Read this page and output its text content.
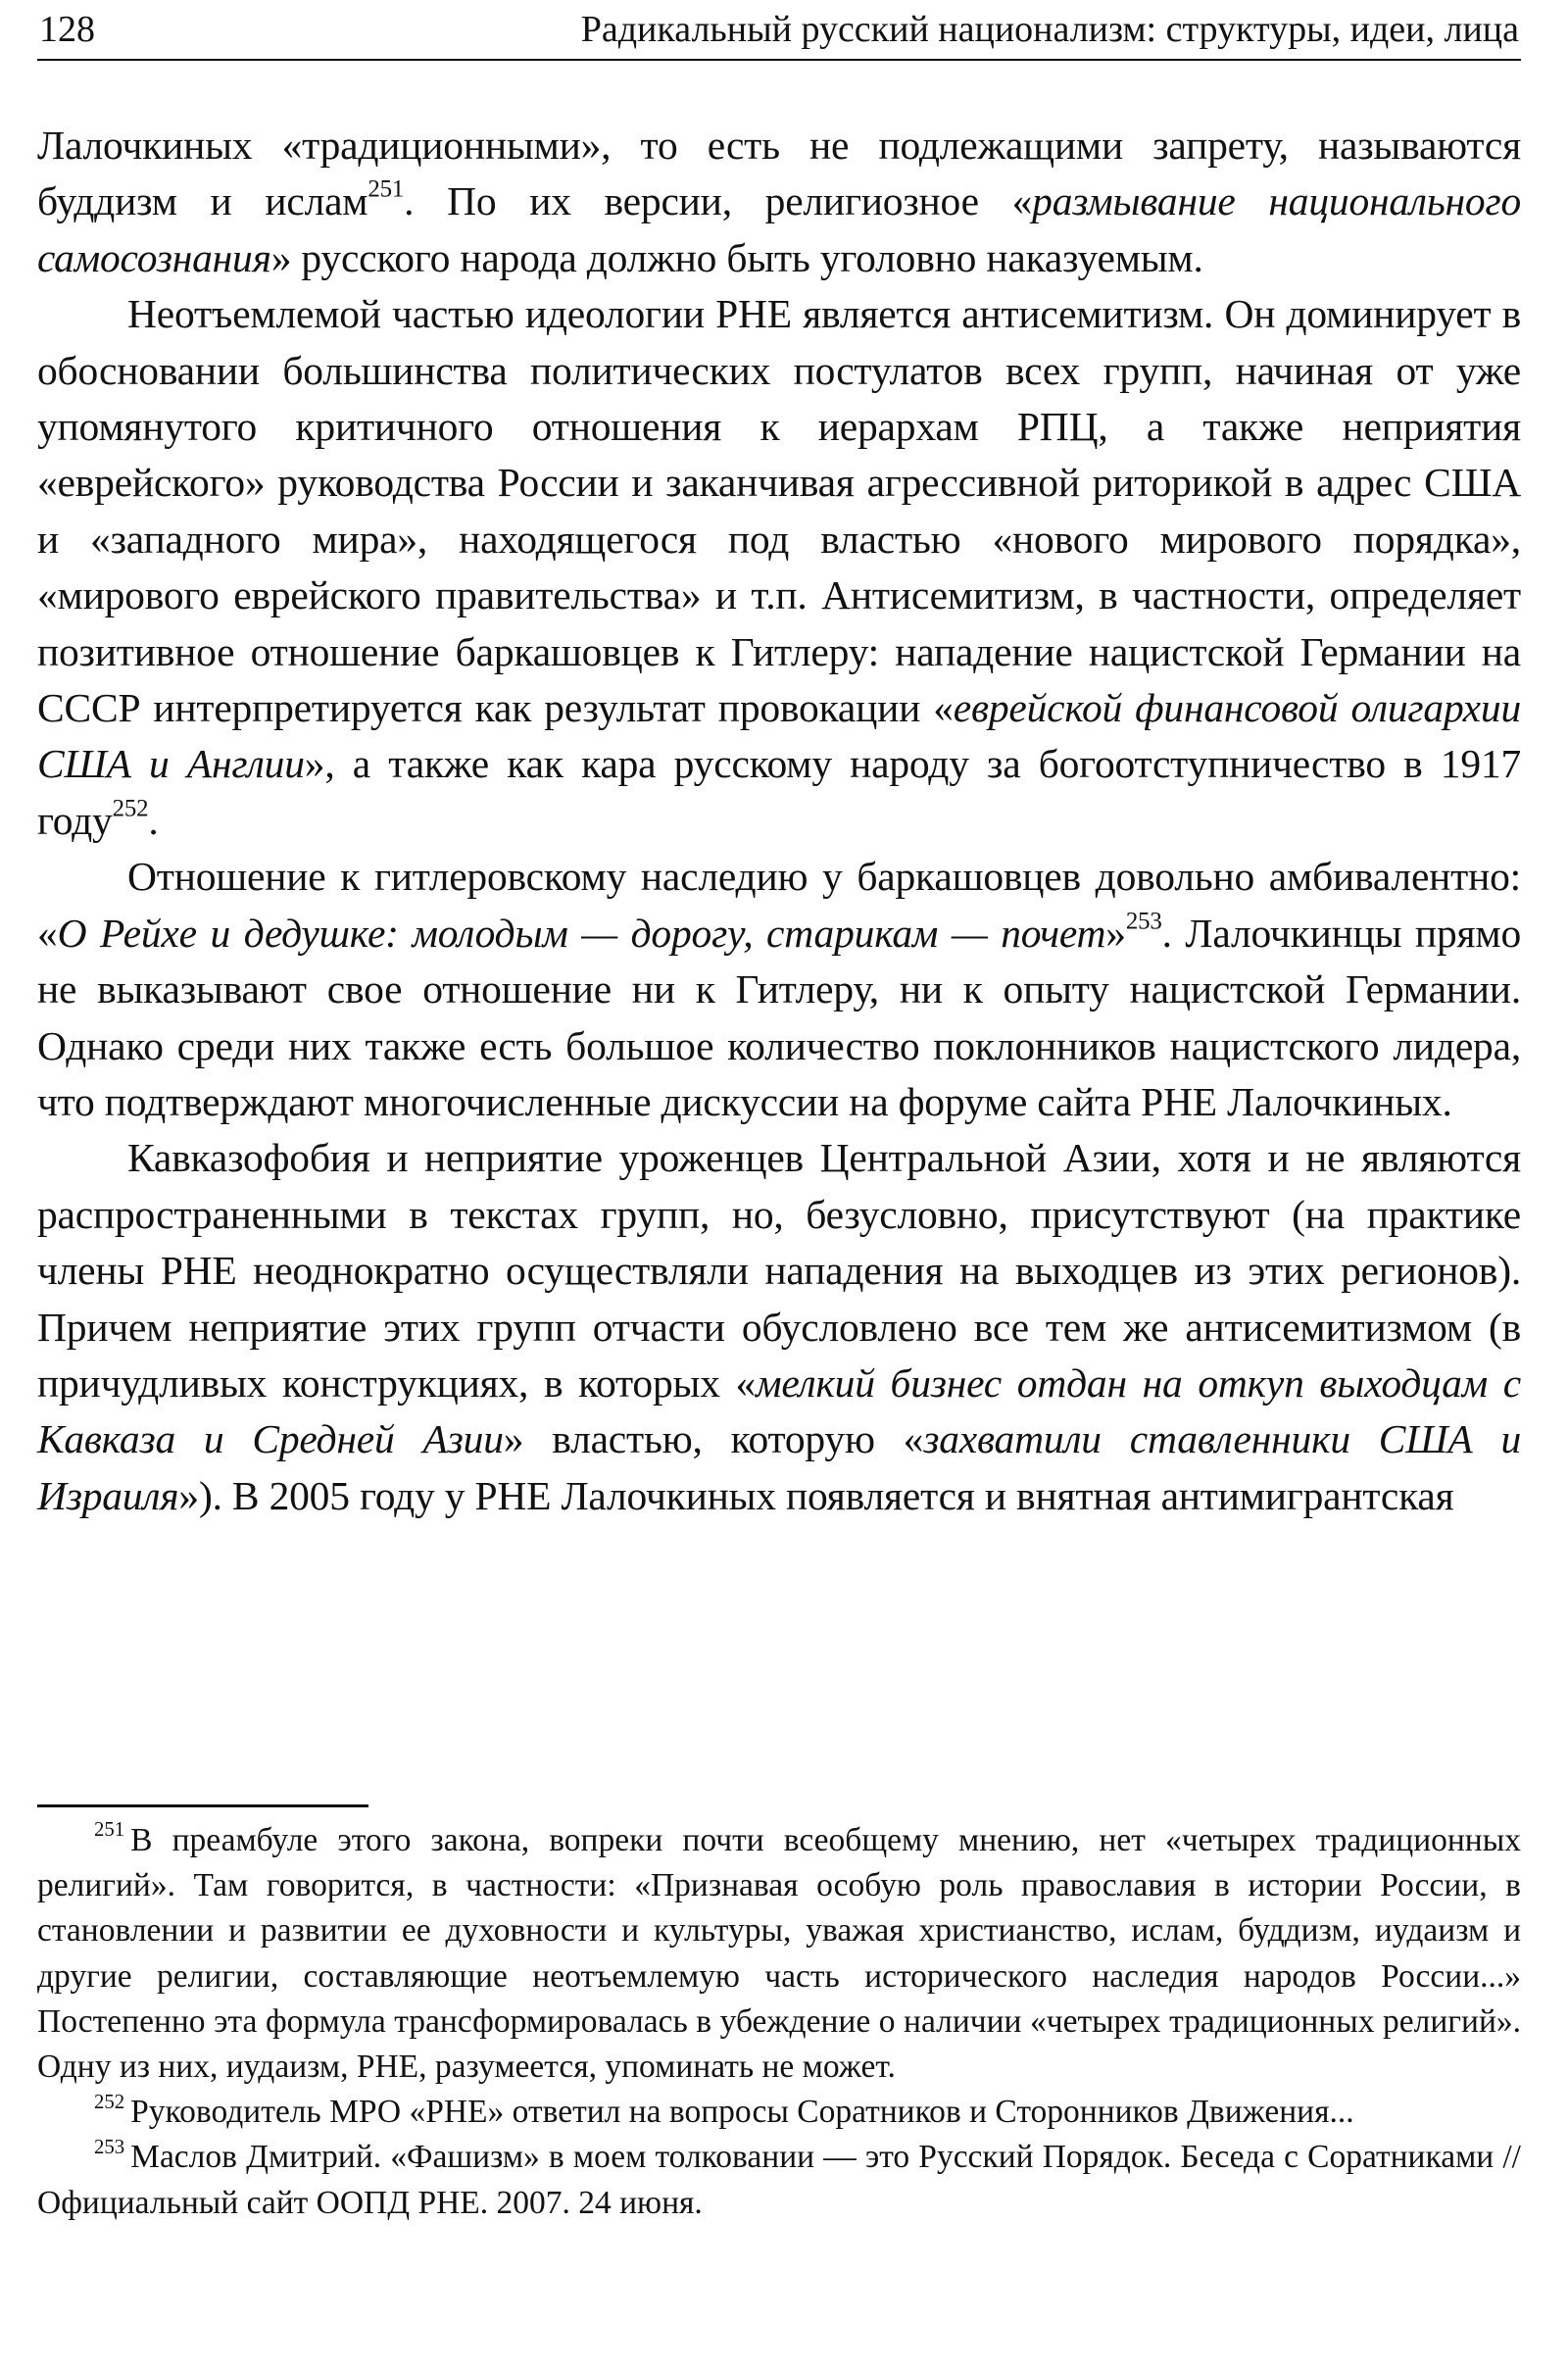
128	Радикальный русский национализм: структуры, идеи, лица

Лалочкиных «традиционными», то есть не подлежащими запрету, называются буддизм и ислам$^{251}$. По их версии, религиозное «размывание национального самосознания» русского народа должно быть уголовно наказуемым.

Неотъемлемой частью идеологии РНЕ является антисемитизм. Он доминирует в обосновании большинства политических постулатов всех групп, начиная от уже упомянутого критичного отношения к иерархам РПЦ, а также неприятия «еврейского» руководства России и заканчивая агрессивной риторикой в адрес США и «западного мира», находящегося под властью «нового мирового порядка», «мирового еврейского правительства» и т.п. Антисемитизм, в частности, определяет позитивное отношение баркашовцев к Гитлеру: нападение нацистской Германии на СССР интерпретируется как результат провокации «еврейской финансовой олигархии США и Англии», а также как кара русскому народу за богоотступничество в 1917 году$^{252}$.

Отношение к гитлеровскому наследию у баркашовцев довольно амбивалентно: «О Рейхе и дедушке: молодым — дорогу, старикам — почет»$^{253}$. Лалочкинцы прямо не выказывают свое отношение ни к Гитлеру, ни к опыту нацистской Германии. Однако среди них также есть большое количество поклонников нацистского лидера, что подтверждают многочисленные дискуссии на форуме сайта РНЕ Лалочкиных.

Кавказофобия и неприятие уроженцев Центральной Азии, хотя и не являются распространенными в текстах групп, но, безусловно, присутствуют (на практике члены РНЕ неоднократно осуществляли нападения на выходцев из этих регионов). Причем неприятие этих групп отчасти обусловлено все тем же антисемитизмом (в причудливых конструкциях, в которых «мелкий бизнес отдан на откуп выходцам с Кавказа и Средней Азии» властью, которую «захватили ставленники США и Израиля»). В 2005 году у РНЕ Лалочкиных появляется и внятная антимигрантская

$^{251}$ В преамбуле этого закона, вопреки почти всеобщему мнению, нет «четырех традиционных религий». Там говорится, в частности: «Признавая особую роль православия в истории России, в становлении и развитии ее духовности и культуры, уважая христианство, ислам, буддизм, иудаизм и другие религии, составляющие неотъемлемую часть исторического наследия народов России...» Постепенно эта формула трансформировалась в убеждение о наличии «четырех традиционных религий». Одну из них, иудаизм, РНЕ, разумеется, упоминать не может.

$^{252}$ Руководитель МРО «РНЕ» ответил на вопросы Соратников и Сторонников Движения...

$^{253}$ Маслов Дмитрий. «Фашизм» в моем толковании — это Русский Порядок. Беседа с Соратниками // Официальный сайт ООПД РНЕ. 2007. 24 июня.
